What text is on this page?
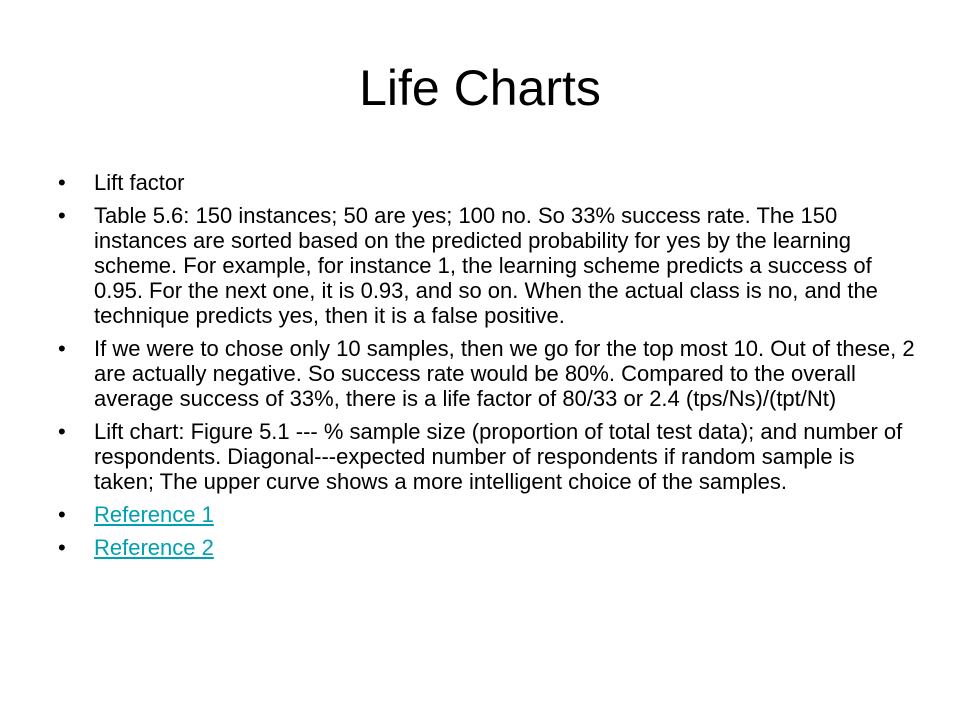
Life Charts
•	Lift factor
•	Table 5.6: 150 instances; 50 are yes; 100 no. So 33% success rate. The 150 instances are sorted based on the predicted probability for yes by the learning scheme. For example, for instance 1, the learning scheme predicts a success of 0.95. For the next one, it is 0.93, and so on. When the actual class is no, and the technique predicts yes, then it is a false positive.
•	If we were to chose only 10 samples, then we go for the top most 10. Out of these, 2 are actually negative. So success rate would be 80%. Compared to the overall average success of 33%, there is a life factor of 80/33 or 2.4 (tps/Ns)/(tpt/Nt)
•	Lift chart: Figure 5.1 --- % sample size (proportion of total test data); and number of respondents. Diagonal---expected number of respondents if random sample is taken; The upper curve shows a more intelligent choice of the samples.
•	Reference 1
•	Reference 2
